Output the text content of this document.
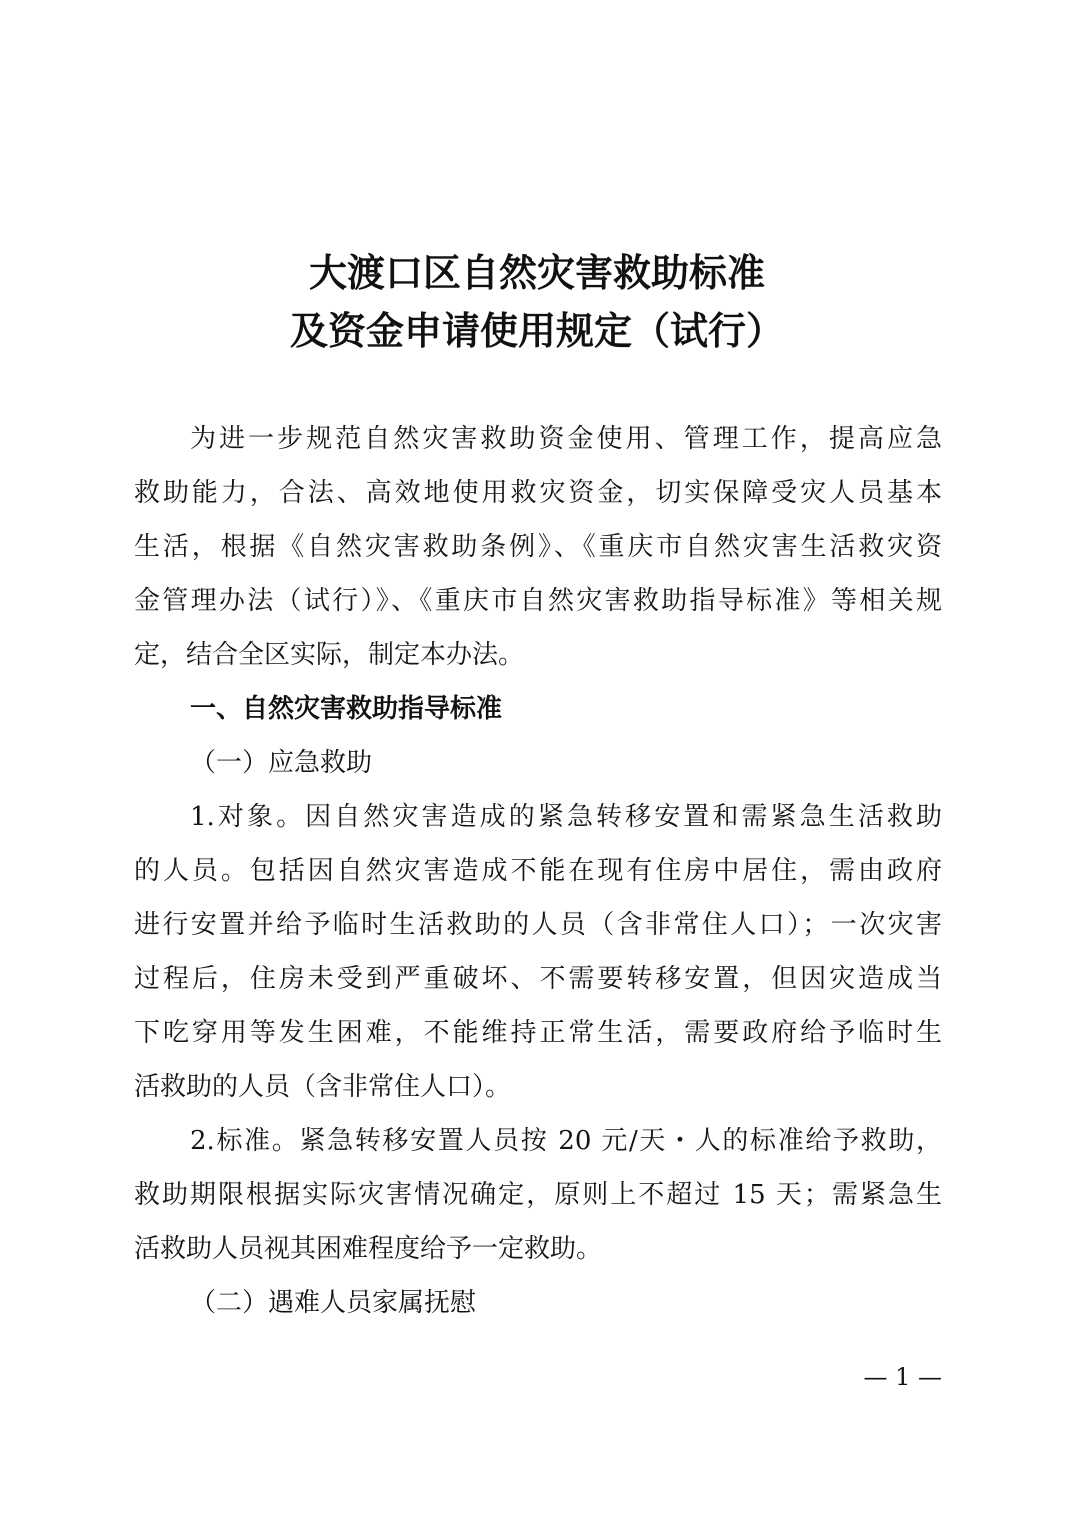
大渡口区自然灾害救助标准
及资金申请使用规定（试行）

为进一步规范自然灾害救助资金使用、管理工作，提高应急

救助能力，合法、高效地使用救灾资金，切实保障受灾人员基本

生活，根据《自然灾害救助条例》、《重庆市自然灾害生活救灾资

金管理办法（试行）》、《重庆市自然灾害救助指导标准》等相关规

定，结合全区实际，制定本办法。

一、自然灾害救助指导标准

（一）应急救助

1.对象。因自然灾害造成的紧急转移安置和需紧急生活救助

的人员。包括因自然灾害造成不能在现有住房中居住，需由政府

进行安置并给予临时生活救助的人员（含非常住人口）；一次灾害

过程后，住房未受到严重破坏、不需要转移安置，但因灾造成当

下吃穿用等发生困难，不能维持正常生活，需要政府给予临时生

活救助的人员（含非常住人口）。

2.标准。紧急转移安置人员按 20 元/天・人的标准给予救助，

救助期限根据实际灾害情况确定，原则上不超过 15 天；需紧急生

活救助人员视其困难程度给予一定救助。

（二）遇难人员家属抚慰

— 1 —
